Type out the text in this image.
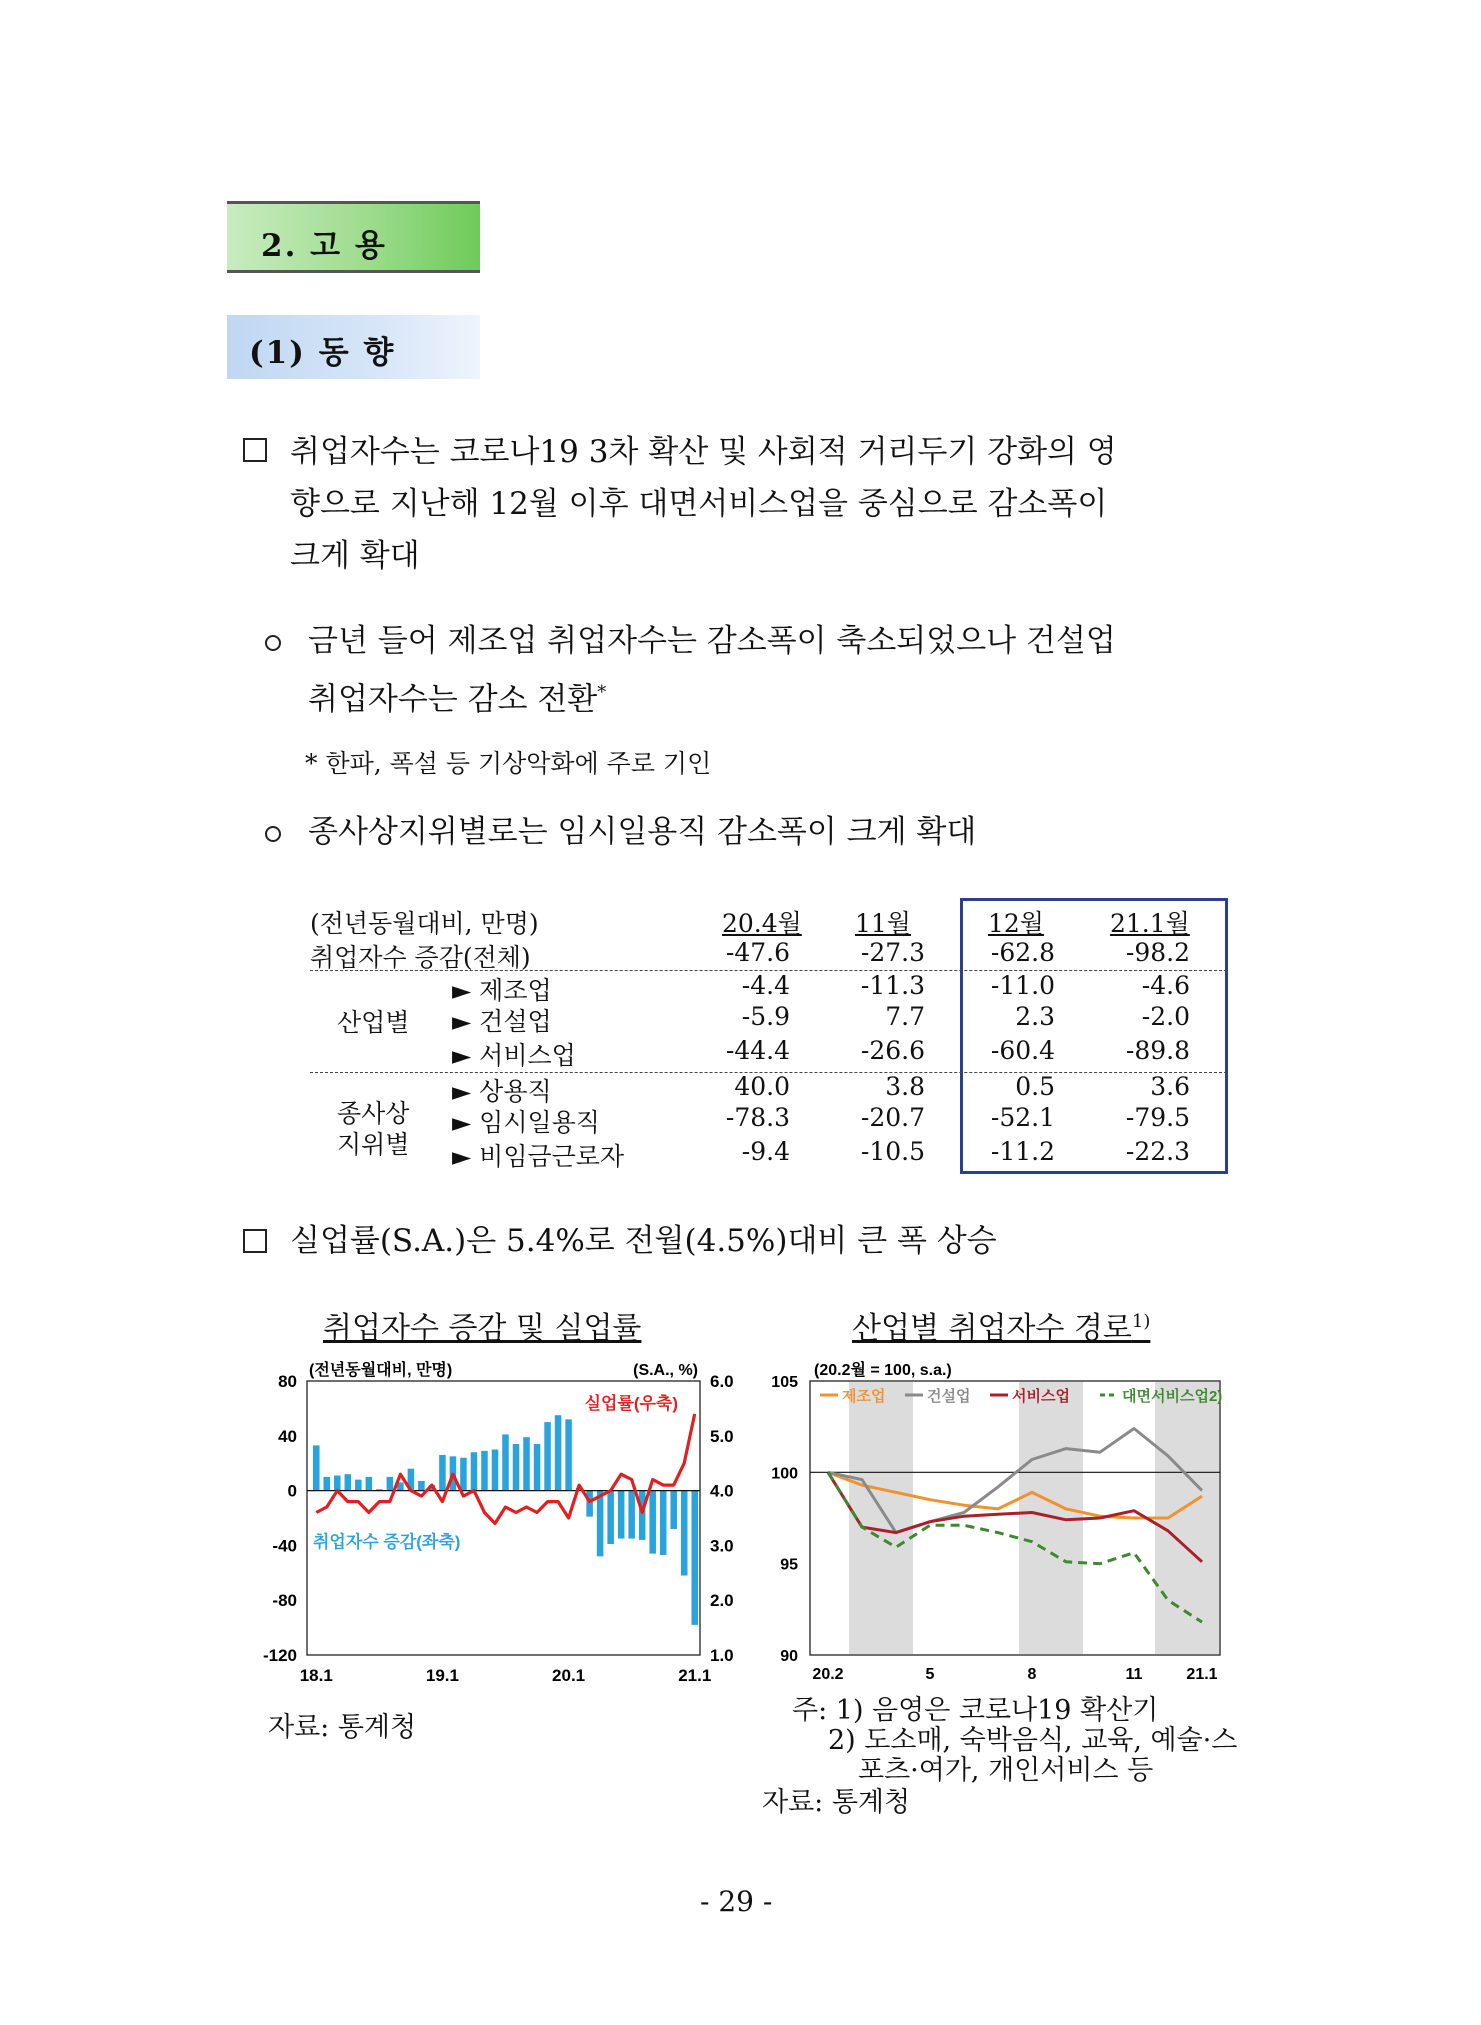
2. 고 용
(1) 동 향
취업자수는 코로나19 3차 확산 및 사회적 거리두기 강화의 영
향으로 지난해 12월 이후 대면서비스업을 중심으로 감소폭이
크게 확대
금년 들어 제조업 취업자수는 감소폭이 축소되었으나 건설업
취업자수는 감소 전환*
* 한파, 폭설 등 기상악화에 주로 기인
종사상지위별로는 임시일용직 감소폭이 크게 확대
(전년동월대비, 만명)	20.4월 11월	12월	21.1월
취업자수 증감(전체)	-47.6	-27.3	-62.8	-98.2
산업별
► 제조업	-4.4	-11.3	-11.0	-4.6
► 건설업	-5.9	7.7	2.3	-2.0
► 서비스업	-44.4	-26.6	-60.4	-89.8
종사상
지위별
► 상용직	40.0	3.8	0.5	3.6
► 임시일용직	-78.3	-20.7	-52.1	-79.5
► 비임금근로자	-9.4	-10.5	-11.2	-22.3
실업률(S.A.)은 5.4%로 전월(4.5%)대비 큰 폭 상승
취업자수 증감 및 실업률	산업별 취업자수 경로$^{1)}$
80
40
0
-40
-80
-120
6.0
5.0
4.0
3.0
2.0
1.0
18.1	19.1	20.1	21.1
(전년동월대비, 만명)	(S.A., %)
실업률(우축)
취업자수 증감(좌축)
105
100
95
90
20.2	5	8	11	21.1
(20.2월 = 100, s.a.)
제조업	건설업	서비스업	대면서비스업2)
자료: 통계청
주: 1) 음영은 코로나19 확산기
2) 도소매, 숙박음식, 교육, 예술·스
포츠·여가, 개인서비스 등
자료: 통계청
- 29 -
